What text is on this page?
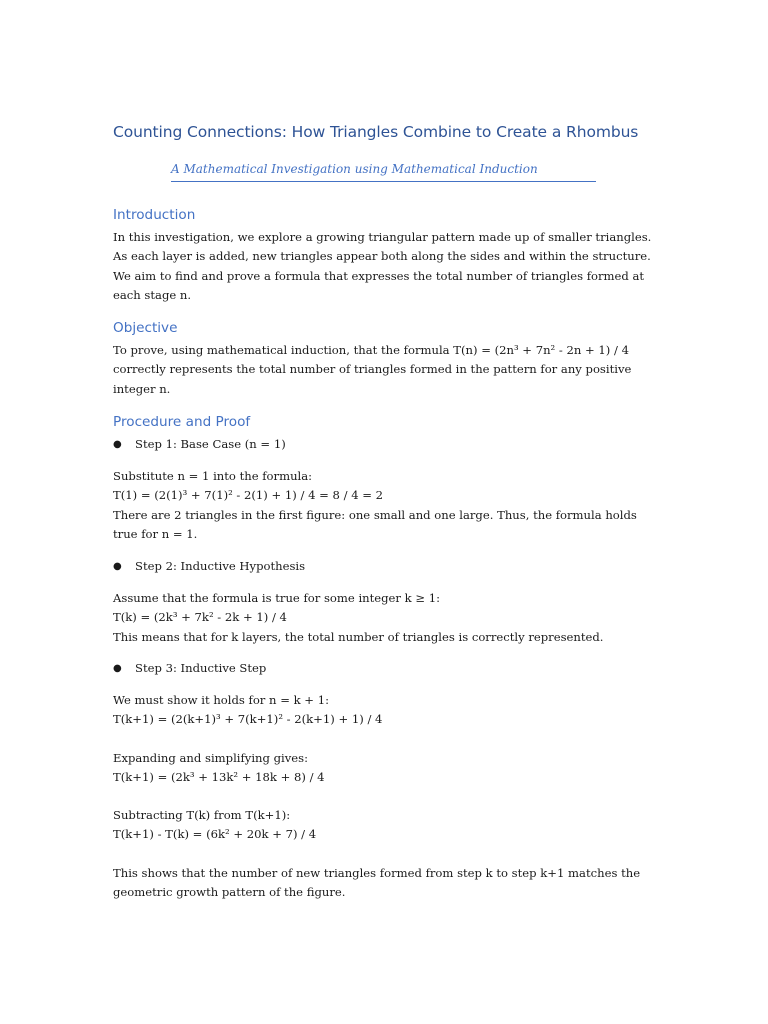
Counting Connections: How Triangles Combine to Create a Rhombus
A Mathematical Investigation using Mathematical Induction
Introduction
In this investigation, we explore a growing triangular pattern made up of smaller triangles.
As each layer is added, new triangles appear both along the sides and within the structure.
We aim to find and prove a formula that expresses the total number of triangles formed at
each stage n.
Objective
To prove, using mathematical induction, that the formula T(n) = (2n³ + 7n² - 2n + 1) / 4
correctly represents the total number of triangles formed in the pattern for any positive
integer n.
Procedure and Proof
● Step 1: Base Case (n = 1)
Substitute n = 1 into the formula:
T(1) = (2(1)³ + 7(1)² - 2(1) + 1) / 4 = 8 / 4 = 2
There are 2 triangles in the first figure: one small and one large. Thus, the formula holds
true for n = 1.
● Step 2: Inductive Hypothesis
Assume that the formula is true for some integer k ≥ 1:
T(k) = (2k³ + 7k² - 2k + 1) / 4
This means that for k layers, the total number of triangles is correctly represented.
● Step 3: Inductive Step
We must show it holds for n = k + 1:
T(k+1) = (2(k+1)³ + 7(k+1)² - 2(k+1) + 1) / 4
Expanding and simplifying gives:
T(k+1) = (2k³ + 13k² + 18k + 8) / 4
Subtracting T(k) from T(k+1):
T(k+1) - T(k) = (6k² + 20k + 7) / 4
This shows that the number of new triangles formed from step k to step k+1 matches the
geometric growth pattern of the figure.
